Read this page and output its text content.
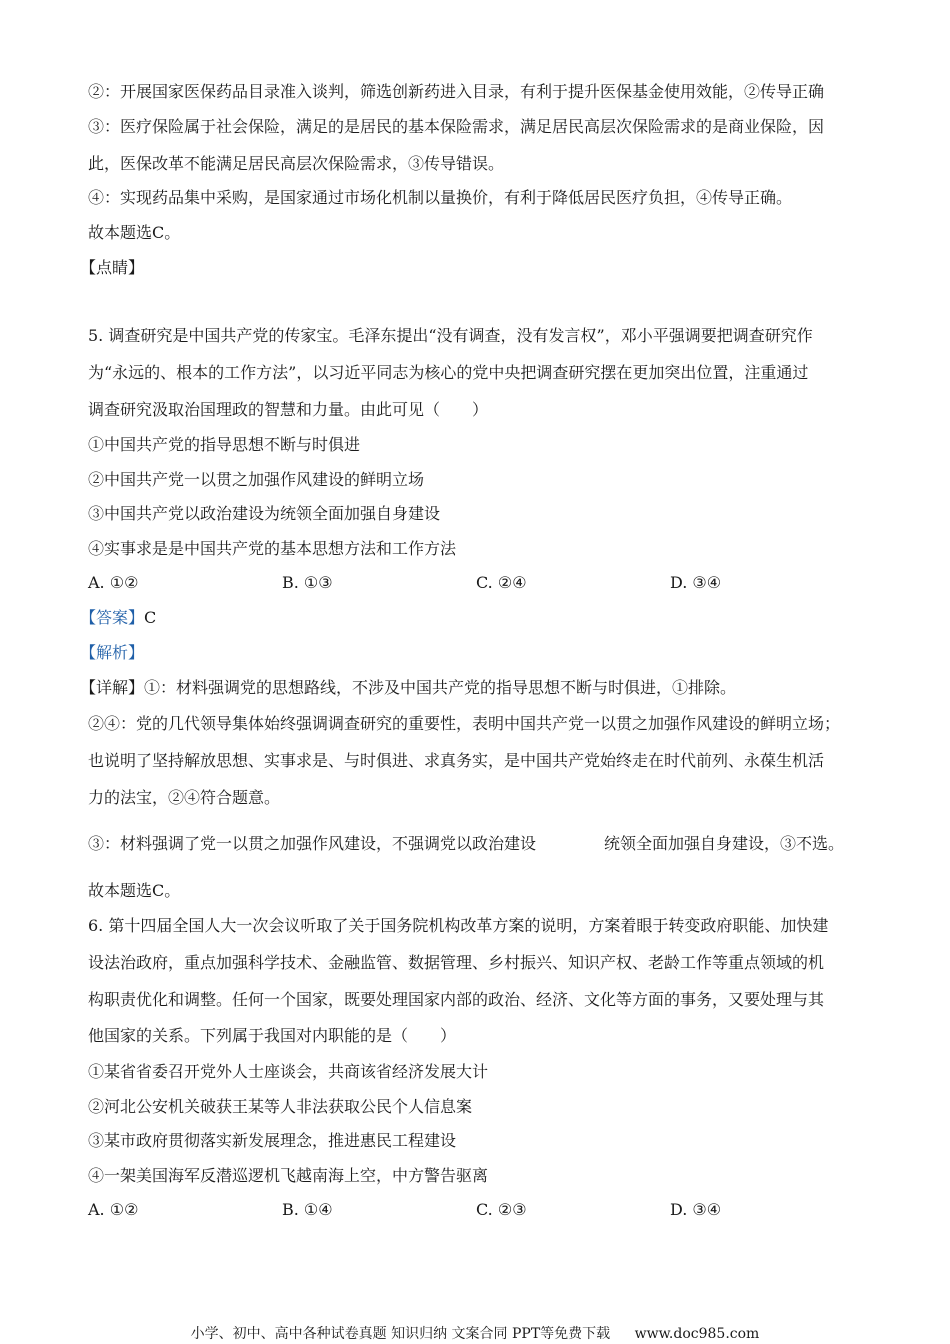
②：开展国家医保药品目录准入谈判，筛选创新药进入目录，有利于提升医保基金使用效能，②传导正确
③：医疗保险属于社会保险，满足的是居民的基本保险需求，满足居民高层次保险需求的是商业保险，因
此，医保改革不能满足居民高层次保险需求，③传导错误。
④：实现药品集中采购，是国家通过市场化机制以量换价，有利于降低居民医疗负担，④传导正确。
故本题选C。
【点睛】
5. 调查研究是中国共产党的传家宝。毛泽东提出“没有调查，没有发言权”，邓小平强调要把调查研究作
为“永远的、根本的工作方法”，以习近平同志为核心的党中央把调查研究摆在更加突出位置，注重通过
调查研究汲取治国理政的智慧和力量。由此可见（　　）
①中国共产党的指导思想不断与时俱进
②中国共产党一以贯之加强作风建设的鲜明立场
③中国共产党以政治建设为统领全面加强自身建设
④实事求是是中国共产党的基本思想方法和工作方法
A. ①②	B. ①③	C. ②④	D. ③④
【答案】C
【解析】
【详解】①：材料强调党的思想路线，不涉及中国共产党的指导思想不断与时俱进，①排除。
②④：党的几代领导集体始终强调调查研究的重要性，表明中国共产党一以贯之加强作风建设的鲜明立场；
也说明了坚持解放思想、实事求是、与时俱进、求真务实，是中国共产党始终走在时代前列、永葆生机活
力的法宝，②④符合题意。
③：材料强调了党一以贯之加强作风建设，不强调党以政治建设	统领全面加强自身建设，③不选。
故本题选C。
6. 第十四届全国人大一次会议听取了关于国务院机构改革方案的说明，方案着眼于转变政府职能、加快建
设法治政府，重点加强科学技术、金融监管、数据管理、乡村振兴、知识产权、老龄工作等重点领域的机
构职责优化和调整。任何一个国家，既要处理国家内部的政治、经济、文化等方面的事务，又要处理与其
他国家的关系。下列属于我国对内职能的是（　　）
①某省省委召开党外人士座谈会，共商该省经济发展大计
②河北公安机关破获王某等人非法获取公民个人信息案
③某市政府贯彻落实新发展理念，推进惠民工程建设
④一架美国海军反潜巡逻机飞越南海上空，中方警告驱离
A. ①②	B. ①④	C. ②③	D. ③④
小学、初中、高中各种试卷真题 知识归纳 文案合同 PPT等免费下载 www.doc985.com
